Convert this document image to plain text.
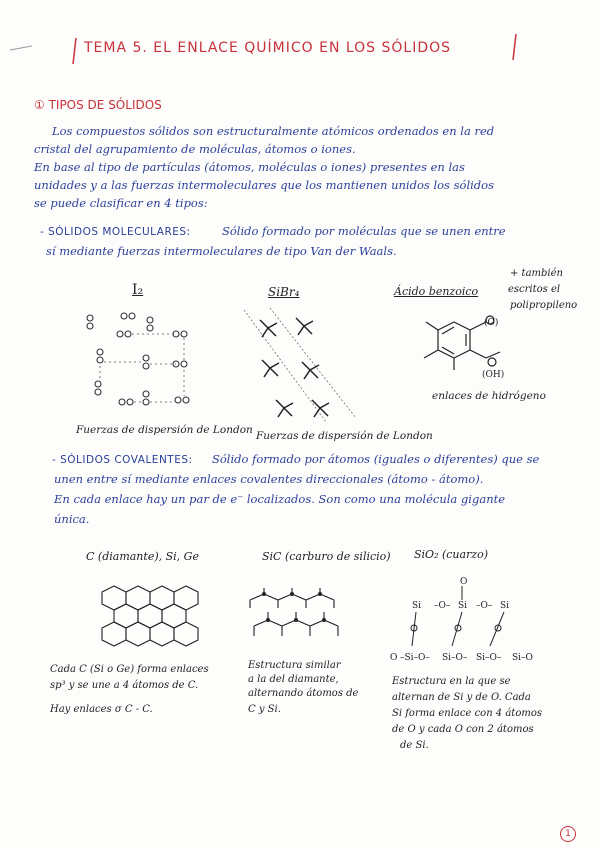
TEMA 5. EL ENLACE QUÍMICO EN LOS SÓLIDOS
① TIPOS DE SÓLIDOS
Los compuestos sólidos son estructuralmente atómicos ordenados en la red
cristal del agrupamiento de moléculas, átomos o iones.
En base al tipo de partículas (átomos, moléculas o iones) presentes en las
unidades y a las fuerzas intermoleculares que los mantienen unidos los sólidos
se puede clasificar en 4 tipos:
- SÓLIDOS MOLECULARES:	Sólido formado por moléculas que se unen entre
sí mediante fuerzas intermoleculares de tipo Van der Waals.
I₂	SiBr₄	Ácido benzoico
+ también
escritos el
polipropileno
(O)
(OH)
Fuerzas de dispersión de London Fuerzas de dispersión de London
enlaces de hidrógeno
- SÓLIDOS COVALENTES: Sólido formado por átomos (iguales o diferentes) que se
unen entre sí mediante enlaces covalentes direccionales (átomo - átomo).
En cada enlace hay un par de e⁻ localizados. Son como una molécula gigante
única.
C (diamante), Si, Ge	SiC (carburo de silicio) SiO₂ (cuarzo)
Si –O– Si –O– Si
O –Si–O– Si–O– Si–O– Si–O
O
Cada C (Si o Ge) forma enlaces
sp³ y se une a 4 átomos de C.
Hay enlaces σ C - C.
Estructura similar
a la del diamante,
alternando átomos de
C y Si.
Estructura en la que se
alternan de Si y de O. Cada
Si forma enlace con 4 átomos
de O y cada O con 2 átomos
de Si.
1
